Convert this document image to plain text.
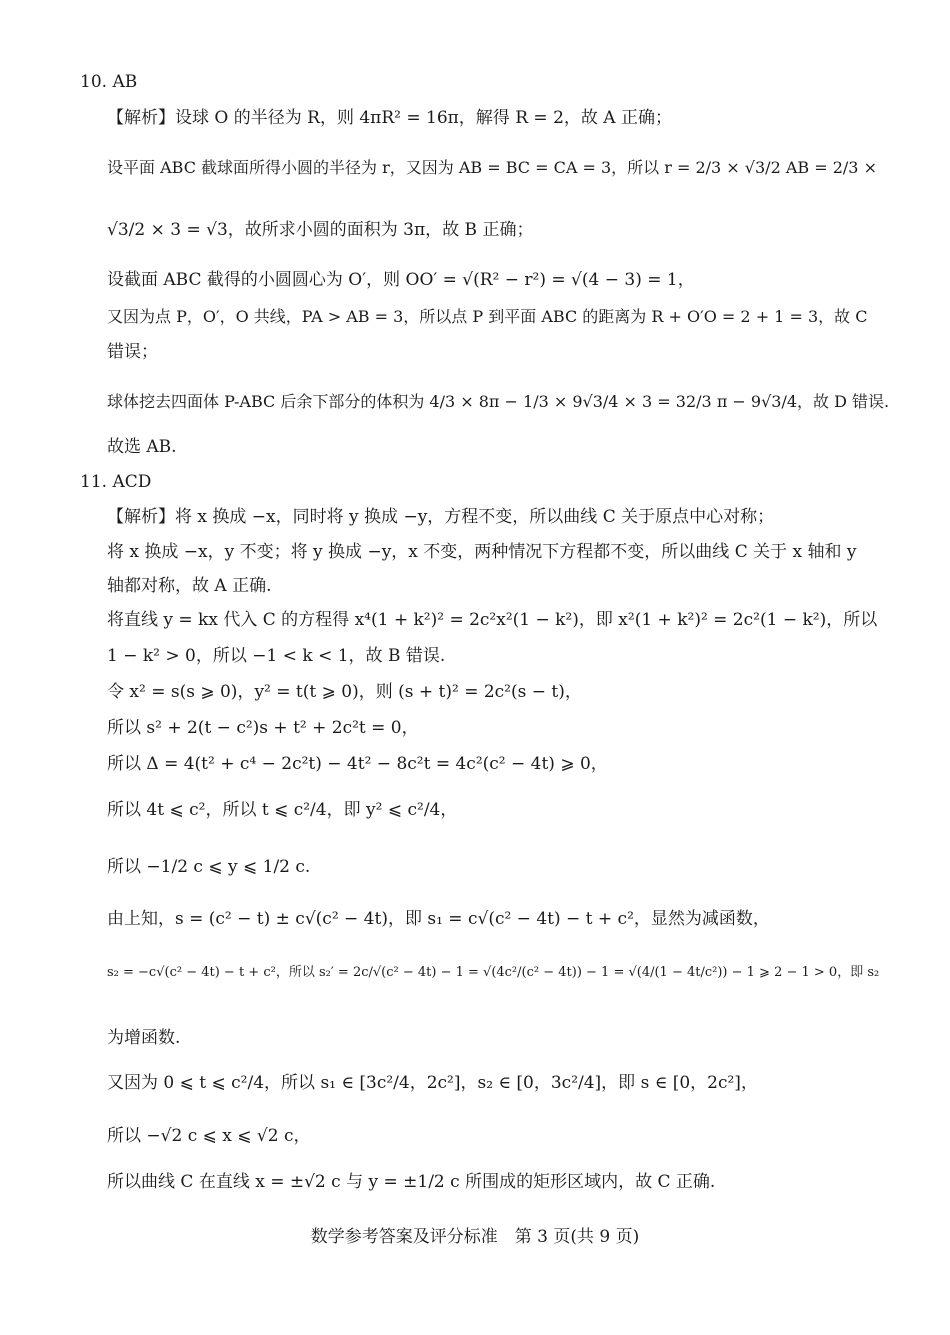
10. AB
【解析】设球 O 的半径为 R，则 4πR² = 16π，解得 R = 2，故 A 正确；
设平面 ABC 截球面所得小圆的半径为 r，又因为 AB = BC = CA = 3，所以 r = 2/3 × √3/2 AB = 2/3 ×
√3/2 × 3 = √3，故所求小圆的面积为 3π，故 B 正确；
设截面 ABC 截得的小圆圆心为 O′，则 OO′ = √(R² − r²) = √(4 − 3) = 1，
又因为点 P，O′，O 共线，PA > AB = 3，所以点 P 到平面 ABC 的距离为 R + O′O = 2 + 1 = 3，故 C
错误；
球体挖去四面体 P-ABC 后余下部分的体积为 4/3 × 8π − 1/3 × 9√3/4 × 3 = 32/3 π − 9√3/4，故 D 错误.
故选 AB.
11. ACD
【解析】将 x 换成 −x，同时将 y 换成 −y，方程不变，所以曲线 C 关于原点中心对称；
将 x 换成 −x，y 不变；将 y 换成 −y，x 不变，两种情况下方程都不变，所以曲线 C 关于 x 轴和 y
轴都对称，故 A 正确.
将直线 y = kx 代入 C 的方程得 x⁴(1 + k²)² = 2c²x²(1 − k²)，即 x²(1 + k²)² = 2c²(1 − k²)，所以
1 − k² > 0，所以 −1 < k < 1，故 B 错误.
令 x² = s(s ⩾ 0)，y² = t(t ⩾ 0)，则 (s + t)² = 2c²(s − t)，
所以 s² + 2(t − c²)s + t² + 2c²t = 0，
所以 Δ = 4(t² + c⁴ − 2c²t) − 4t² − 8c²t = 4c²(c² − 4t) ⩾ 0，
所以 4t ⩽ c²，所以 t ⩽ c²/4，即 y² ⩽ c²/4，
所以 −1/2 c ⩽ y ⩽ 1/2 c.
由上知，s = (c² − t) ± c√(c² − 4t)，即 s₁ = c√(c² − 4t) − t + c²，显然为减函数，
s₂ = −c√(c² − 4t) − t + c²，所以 s₂′ = 2c/√(c² − 4t) − 1 = √(4c²/(c² − 4t)) − 1 = √(4/(1 − 4t/c²)) − 1 ⩾ 2 − 1 > 0，即 s₂
为增函数.
又因为 0 ⩽ t ⩽ c²/4，所以 s₁ ∈ [3c²/4，2c²]，s₂ ∈ [0，3c²/4]，即 s ∈ [0，2c²]，
所以 −√2 c ⩽ x ⩽ √2 c，
所以曲线 C 在直线 x = ±√2 c 与 y = ±1/2 c 所围成的矩形区域内，故 C 正确.
数学参考答案及评分标准　第 3 页(共 9 页)
